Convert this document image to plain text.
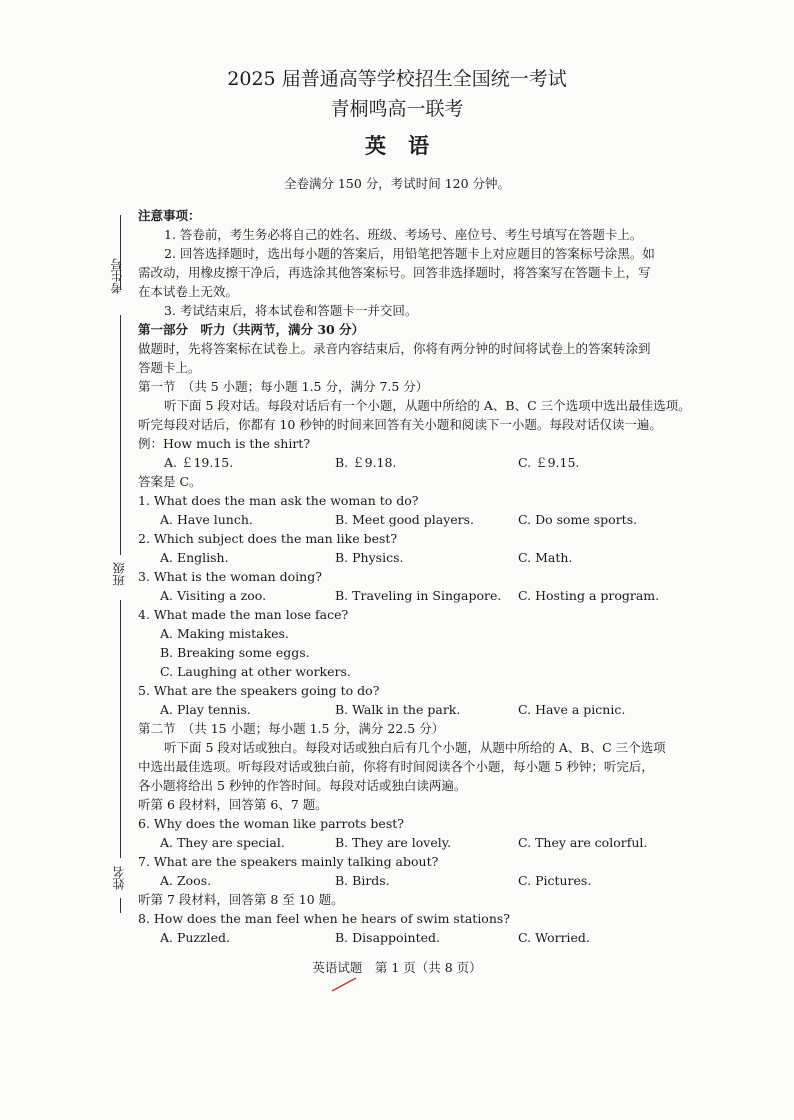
2025 届普通高等学校招生全国统一考试
青桐鸣高一联考
英语
全卷满分 150 分，考试时间 120 分钟。
考生号
班级
姓名
注意事项：
1. 答卷前，考生务必将自己的姓名、班级、考场号、座位号、考生号填写在答题卡上。
2. 回答选择题时，选出每小题的答案后，用铅笔把答题卡上对应题目的答案标号涂黑。如
需改动，用橡皮擦干净后，再选涂其他答案标号。回答非选择题时，将答案写在答题卡上，写
在本试卷上无效。
3. 考试结束后，将本试卷和答题卡一并交回。
第一部分　听力（共两节，满分 30 分）
做题时，先将答案标在试卷上。录音内容结束后，你将有两分钟的时间将试卷上的答案转涂到
答题卡上。
第一节　（共 5 小题；每小题 1.5 分，满分 7.5 分）
听下面 5 段对话。每段对话后有一个小题，从题中所给的 A、B、C 三个选项中选出最佳选项。
听完每段对话后，你都有 10 秒钟的时间来回答有关小题和阅读下一小题。每段对话仅读一遍。
例：How much is the shirt?
A. ￡19.15.	B. ￡9.18.	C. ￡9.15.
答案是 C。
1. What does the man ask the woman to do?
A. Have lunch.	B. Meet good players.	C. Do some sports.
2. Which subject does the man like best?
A. English.	B. Physics.	C. Math.
3. What is the woman doing?
A. Visiting a zoo.	B. Traveling in Singapore. C. Hosting a program.
4. What made the man lose face?
A. Making mistakes.
B. Breaking some eggs.
C. Laughing at other workers.
5. What are the speakers going to do?
A. Play tennis.	B. Walk in the park.	C. Have a picnic.
第二节　（共 15 小题；每小题 1.5 分，满分 22.5 分）
听下面 5 段对话或独白。每段对话或独白后有几个小题，从题中所给的 A、B、C 三个选项
中选出最佳选项。听每段对话或独白前，你将有时间阅读各个小题，每小题 5 秒钟；听完后，
各小题将给出 5 秒钟的作答时间。每段对话或独白读两遍。
听第 6 段材料，回答第 6、7 题。
6. Why does the woman like parrots best?
A. They are special.	B. They are lovely.	C. They are colorful.
7. What are the speakers mainly talking about?
A. Zoos.	B. Birds.	C. Pictures.
听第 7 段材料，回答第 8 至 10 题。
8. How does the man feel when he hears of swim stations?
A. Puzzled.	B. Disappointed.	C. Worried.
英语试题　第 1 页（共 8 页）
